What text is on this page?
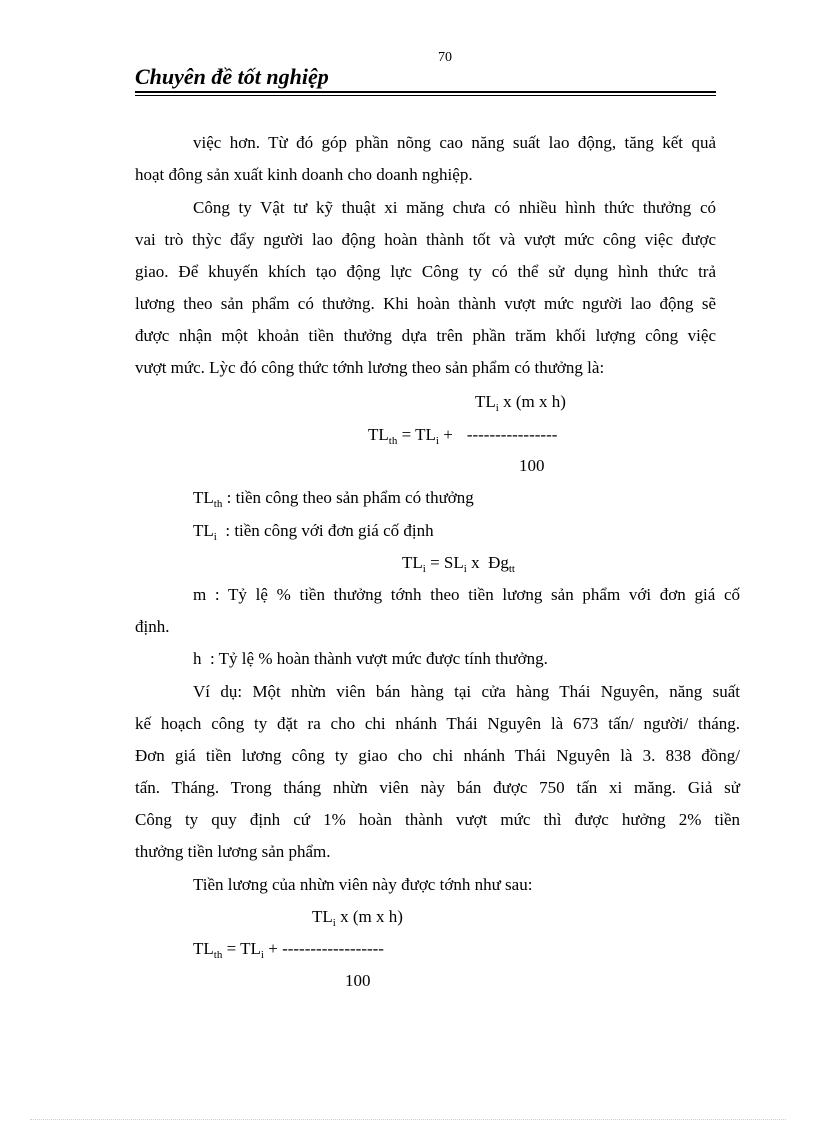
70
Chuyên đề tốt nghiệp
việc hơn. Từ đó góp phần nõng cao năng suất lao động, tăng kết quả
hoạt đông sản xuất kinh doanh cho doanh nghiệp.
Công ty Vật tư kỹ thuật xi măng chưa có nhiều hình thức thưởng có
vai trò thỳc đẩy người lao động hoàn thành tốt và vượt mức công việc được
giao. Để khuyến khích tạo động lực Công ty có thể sử dụng hình thức trả
lương theo sản phẩm có thưởng. Khi hoàn thành vượt mức người lao động sẽ
được nhận một khoản tiền thưởng dựa trên phần trăm khối lượng công việc
vượt mức. Lỳc đó công thức tớnh lương theo sản phẩm có thưởng là:
$TL_i$ x (m x h)
$TL_{th} = TL_i$ + ----------------
100
$TL_{th}$ : tiền công theo sản phẩm có thưởng
$TL_i$  : tiền công với đơn giá cố định
$TL_i = SL_i$ x  $Đg_{tt}$
m : Tỷ lệ % tiền thưởng tớnh theo tiền lương sản phẩm với đơn giá cố
định.
h  : Tỷ lệ % hoàn thành vượt mức được tính thưởng.
Ví dụ: Một nhừn viên bán hàng tại cửa hàng Thái Nguyên, năng suất
kế hoạch công ty đặt ra cho chi nhánh Thái Nguyên là 673 tấn/ người/ tháng.
Đơn giá tiền lương công ty giao cho chi nhánh Thái Nguyên là 3. 838 đồng/
tấn. Tháng. Trong tháng nhừn viên này bán được 750 tấn xi măng. Giả sử
Công ty quy định cứ 1% hoàn thành vượt mức thì được hưởng 2% tiền
thưởng tiền lương sản phẩm.
Tiền lương của nhừn viên này được tớnh như sau:
$TL_i$ x (m x h)
$TL_{th} = TL_i$ + ------------------
100
